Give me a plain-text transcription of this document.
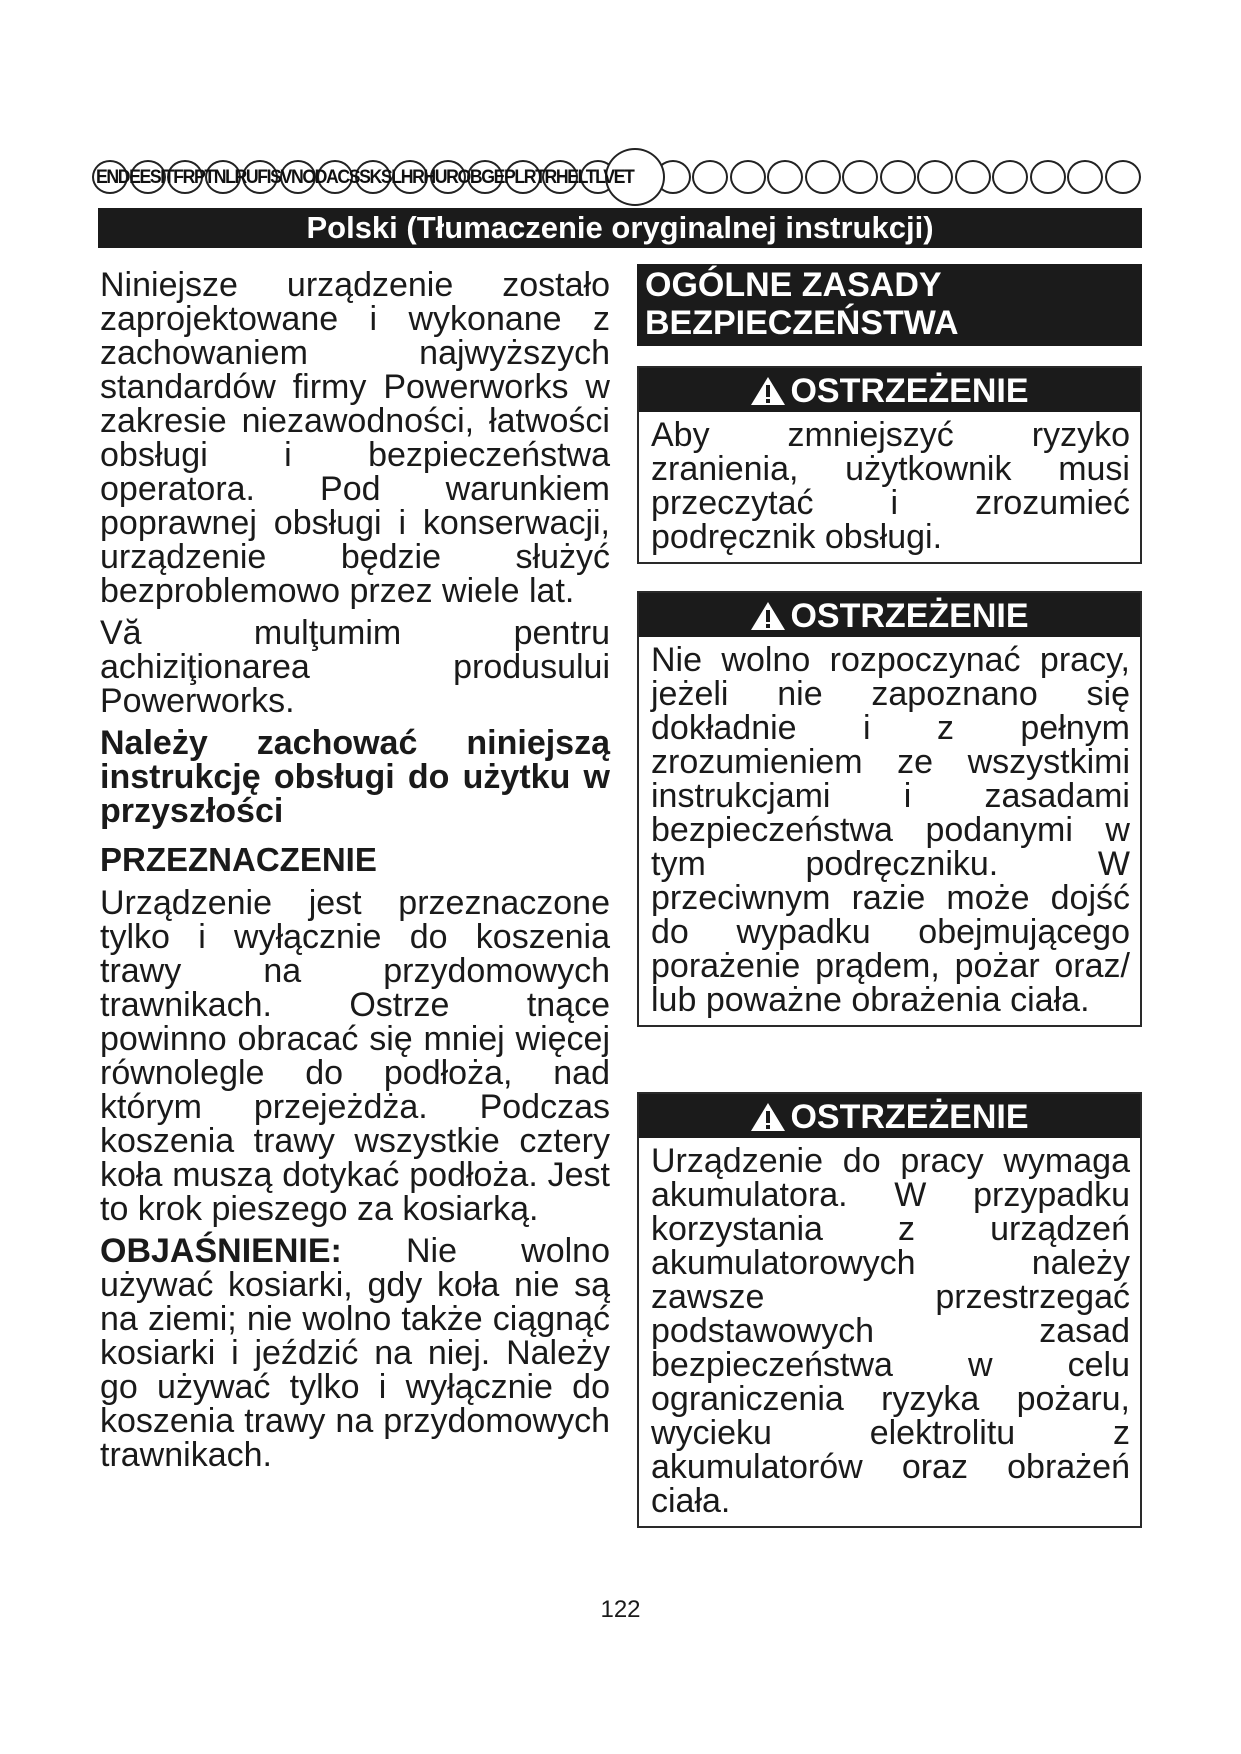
ENDEESITFRPTNLRUFISVNODACSSKSLHRHUROBGEPLRTRHELTLVET
Polski (Tłumaczenie oryginalnej instrukcji)

Niniejsze urządzenie zostało zaprojektowane i wykonane z zachowaniem najwyższych standardów firmy Powerworks w zakresie niezawodności, łatwości obsługi i bezpieczeństwa operatora. Pod warunkiem poprawnej obsługi i konserwacji, urządzenie będzie służyć bezproblemowo przez wiele lat.

Vă mulţumim pentru achiziţionarea produsului Powerworks.

Należy zachować niniejszą instrukcję obsługi do użytku w przyszłości

PRZEZNACZENIE

Urządzenie jest przeznaczone tylko i wyłącznie do koszenia trawy na przydomowych trawnikach. Ostrze tnące powinno obracać się mniej więcej równolegle do podłoża, nad którym przejeżdża. Podczas koszenia trawy wszystkie cztery koła muszą dotykać podłoża. Jest to krok pieszego za kosiarką.

OBJAŚNIENIE: Nie wolno używać kosiarki, gdy koła nie są na ziemi; nie wolno także ciągnąć kosiarki i jeździć na niej. Należy go używać tylko i wyłącznie do koszenia trawy na przydomowych trawnikach.

OGÓLNE ZASADY BEZPIECZEŃSTWA
OSTRZEŻENIE
Aby zmniejszyć ryzyko zranienia, użytkownik musi przeczytać i zrozumieć podręcznik obsługi.
OSTRZEŻENIE
Nie wolno rozpoczynać pracy, jeżeli nie zapoznano się dokładnie i z pełnym zrozumieniem ze wszystkimi instrukcjami i zasadami bezpieczeństwa podanymi w tym podręczniku. W przeciwnym razie może dojść do wypadku obejmującego porażenie prądem, pożar oraz/ lub poważne obrażenia ciała.
OSTRZEŻENIE
Urządzenie do pracy wymaga akumulatora. W przypadku korzystania z urządzeń akumulatorowych należy zawsze przestrzegać podstawowych zasad bezpieczeństwa w celu ograniczenia ryzyka pożaru, wycieku elektrolitu z akumulatorów oraz obrażeń ciała.
122
